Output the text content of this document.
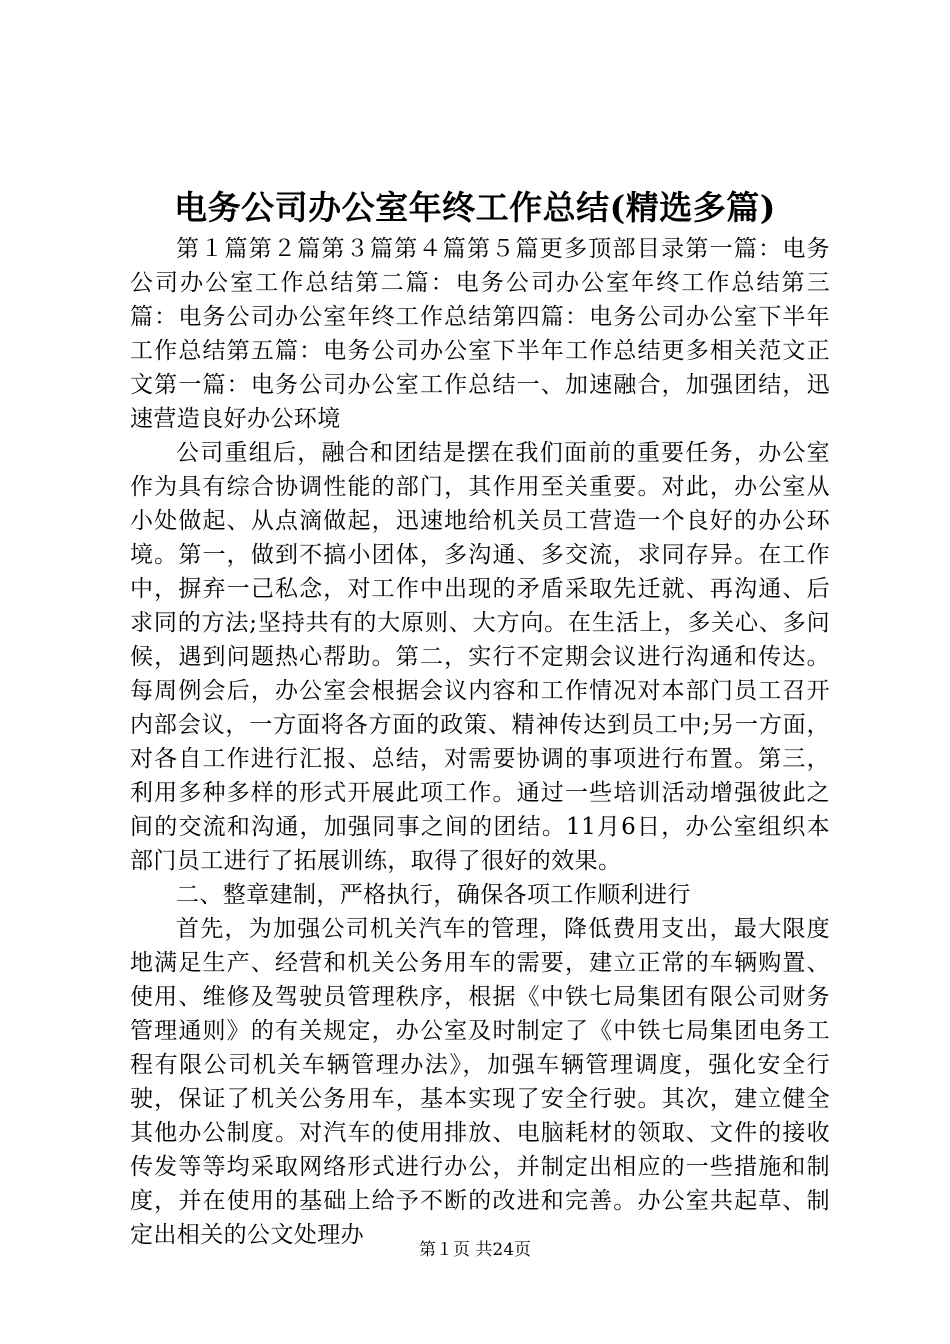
电务公司办公室年终工作总结(精选多篇)

第１篇第２篇第３篇第４篇第５篇更多顶部目录第一篇：电务公司办公室工作总结第二篇：电务公司办公室年终工作总结第三篇：电务公司办公室年终工作总结第四篇：电务公司办公室下半年工作总结第五篇：电务公司办公室下半年工作总结更多相关范文正文第一篇：电务公司办公室工作总结一、加速融合，加强团结，迅速营造良好办公环境

公司重组后，融合和团结是摆在我们面前的重要任务，办公室作为具有综合协调性能的部门，其作用至关重要。对此，办公室从小处做起、从点滴做起，迅速地给机关员工营造一个良好的办公环境。第一，做到不搞小团体，多沟通、多交流，求同存异。在工作中，摒弃一己私念，对工作中出现的矛盾采取先迁就、再沟通、后求同的方法;坚持共有的大原则、大方向。在生活上，多关心、多问候，遇到问题热心帮助。第二，实行不定期会议进行沟通和传达。每周例会后，办公室会根据会议内容和工作情况对本部门员工召开内部会议，一方面将各方面的政策、精神传达到员工中;另一方面，对各自工作进行汇报、总结，对需要协调的事项进行布置。第三，利用多种多样的形式开展此项工作。通过一些培训活动增强彼此之间的交流和沟通，加强同事之间的团结。11月6日，办公室组织本部门员工进行了拓展训练，取得了很好的效果。

二、整章建制，严格执行，确保各项工作顺利进行

首先，为加强公司机关汽车的管理，降低费用支出，最大限度地满足生产、经营和机关公务用车的需要，建立正常的车辆购置、使用、维修及驾驶员管理秩序，根据《中铁七局集团有限公司财务管理通则》的有关规定，办公室及时制定了《中铁七局集团电务工程有限公司机关车辆管理办法》，加强车辆管理调度，强化安全行驶，保证了机关公务用车，基本实现了安全行驶。其次，建立健全其他办公制度。对汽车的使用排放、电脑耗材的领取、文件的接收传发等等均采取网络形式进行办公，并制定出相应的一些措施和制度，并在使用的基础上给予不断的改进和完善。办公室共起草、制定出相关的公文处理办

第１页 共24页
